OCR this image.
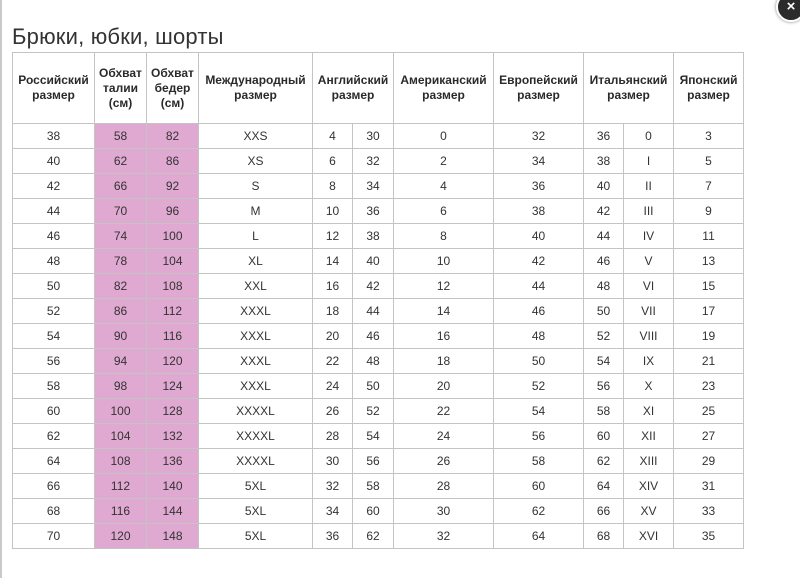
×
Брюки, юбки, шорты
Российский размер	Обхват талии (см)	Обхват бедер (см)	Международный размер	Английский размер		Американский размер	Европейский размер	Итальянский размер		Японский размер
38	58	82	XXS	4	30	0	32	36	0	3
40	62	86	XS	6	32	2	34	38	I	5
42	66	92	S	8	34	4	36	40	II	7
44	70	96	M	10	36	6	38	42	III	9
46	74	100	L	12	38	8	40	44	IV	11
48	78	104	XL	14	40	10	42	46	V	13
50	82	108	XXL	16	42	12	44	48	VI	15
52	86	112	XXXL	18	44	14	46	50	VII	17
54	90	116	XXXL	20	46	16	48	52	VIII	19
56	94	120	XXXL	22	48	18	50	54	IX	21
58	98	124	XXXL	24	50	20	52	56	X	23
60	100	128	XXXXL	26	52	22	54	58	XI	25
62	104	132	XXXXL	28	54	24	56	60	XII	27
64	108	136	XXXXL	30	56	26	58	62	XIII	29
66	112	140	5XL	32	58	28	60	64	XIV	31
68	116	144	5XL	34	60	30	62	66	XV	33
70	120	148	5XL	36	62	32	64	68	XVI	35
